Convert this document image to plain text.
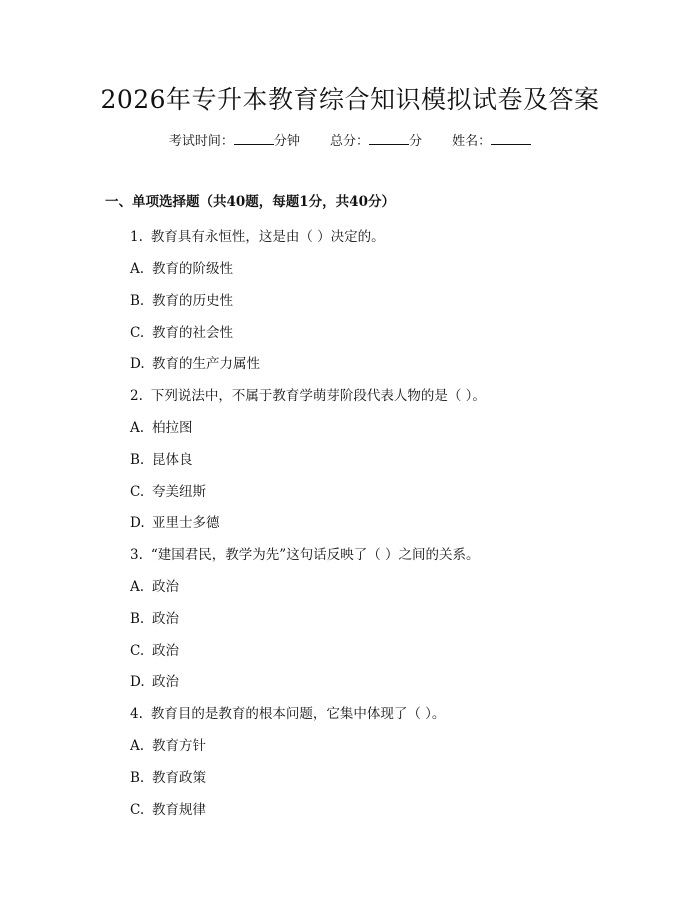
2026年专升本教育综合知识模拟试卷及答案
考试时间：	分钟 总分：	分 姓名：
一、单项选择题（共40题，每题1分，共40分）
1. 教育具有永恒性，这是由（ ）决定的。
A. 教育的阶级性
B. 教育的历史性
C. 教育的社会性
D. 教育的生产力属性
2. 下列说法中，不属于教育学萌芽阶段代表人物的是（ ）。
A. 柏拉图
B. 昆体良
C. 夸美纽斯
D. 亚里士多德
3. “建国君民，教学为先”这句话反映了（ ）之间的关系。
A. 政治
B. 政治
C. 政治
D. 政治
4. 教育目的是教育的根本问题，它集中体现了（ ）。
A. 教育方针
B. 教育政策
C. 教育规律
